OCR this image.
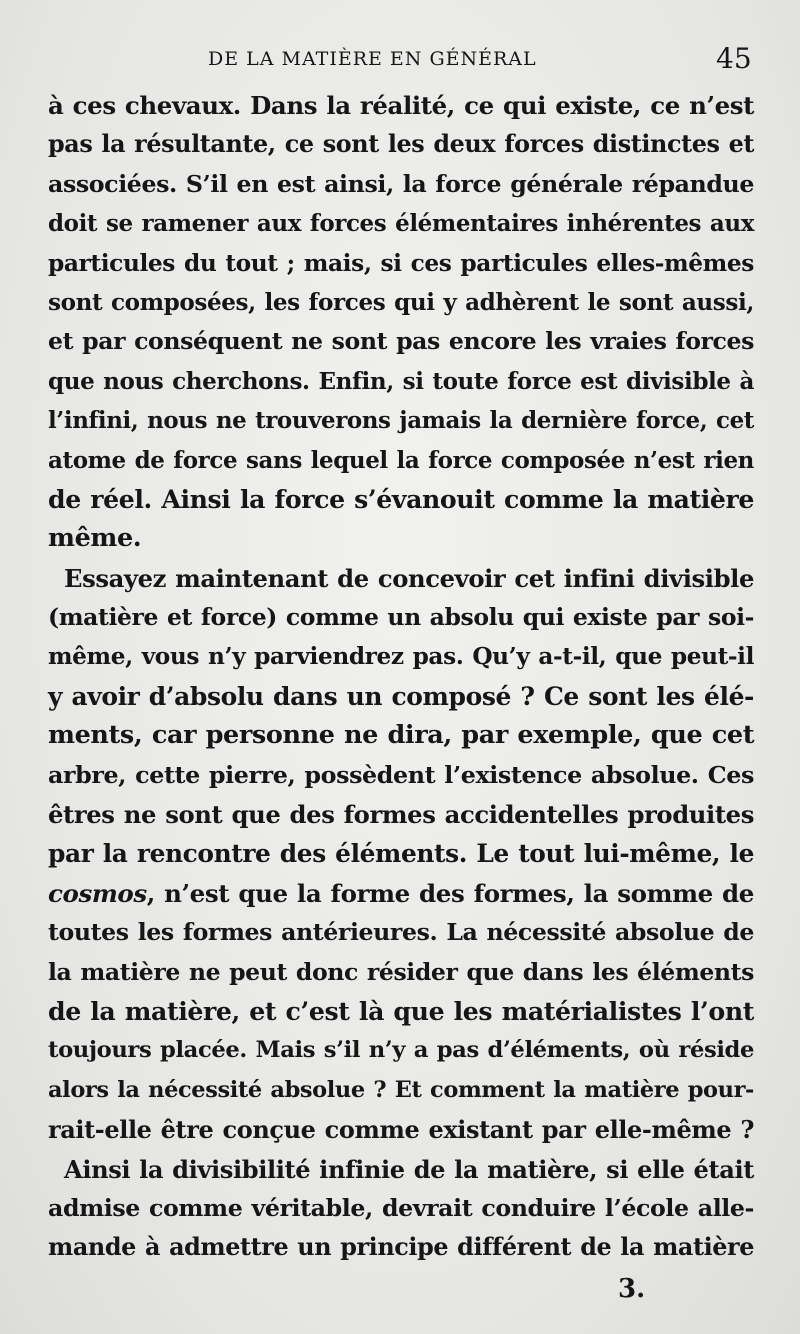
DE LA MATIÈRE EN GÉNÉRAL	45
à ces chevaux. Dans la réalité, ce qui existe, ce n’est
pas la résultante, ce sont les deux forces distinctes et
associées. S’il en est ainsi, la force générale répandue
doit se ramener aux forces élémentaires inhérentes aux
particules du tout ; mais, si ces particules elles-mêmes
sont composées, les forces qui y adhèrent le sont aussi,
et par conséquent ne sont pas encore les vraies forces
que nous cherchons. Enfin, si toute force est divisible à
l’infini, nous ne trouverons jamais la dernière force, cet
atome de force sans lequel la force composée n’est rien
de réel. Ainsi la force s’évanouit comme la matière
même.
Essayez maintenant de concevoir cet infini divisible
(matière et force) comme un absolu qui existe par soi-
même, vous n’y parviendrez pas. Qu’y a-t-il, que peut-il
y avoir d’absolu dans un composé ? Ce sont les élé-
ments, car personne ne dira, par exemple, que cet
arbre, cette pierre, possèdent l’existence absolue. Ces
êtres ne sont que des formes accidentelles produites
par la rencontre des éléments. Le tout lui-même, le
cosmos, n’est que la forme des formes, la somme de
toutes les formes antérieures. La nécessité absolue de
la matière ne peut donc résider que dans les éléments
de la matière, et c’est là que les matérialistes l’ont
toujours placée. Mais s’il n’y a pas d’éléments, où réside
alors la nécessité absolue ? Et comment la matière pour-
rait-elle être conçue comme existant par elle-même ?
Ainsi la divisibilité infinie de la matière, si elle était
admise comme véritable, devrait conduire l’école alle-
mande à admettre un principe différent de la matière
3.
